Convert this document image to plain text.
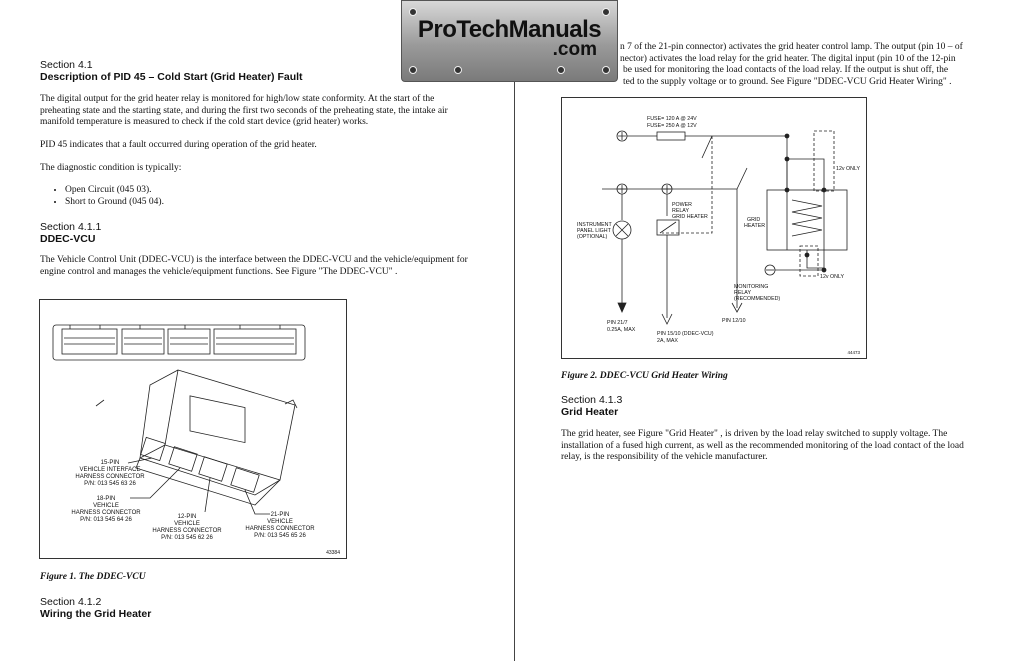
Section 4.1
Description of PID 45 – Cold Start (Grid Heater) Fault

The digital output for the grid heater relay is monitored for high/low state conformity. At the start of the preheating state and the starting state, and during the first two seconds of the preheating state, the intake air manifold temperature is measured to check if the cold start device (grid heater) works.

PID 45 indicates that a fault occurred during operation of the grid heater.

The diagnostic condition is typically:

• Open Circuit (045 03).
• Short to Ground (045 04).
Section 4.1.1
DDEC-VCU

The Vehicle Control Unit (DDEC-VCU) is the interface between the DDEC-VCU and the vehicle/equipment for engine control and manages the vehicle/equipment functions. See Figure "The DDEC-VCU" .

15-PIN
VEHICLE INTERFACE
HARNESS CONNECTOR
P/N: 013 545 63 26
18-PIN
VEHICLE
HARNESS CONNECTOR
P/N: 013 545 64 26	12-PIN
VEHICLE
HARNESS CONNECTOR
P/N: 013 545 62 26
21-PIN
VEHICLE
HARNESS CONNECTOR
P/N: 013 545 65 26
43384
Figure 1. The DDEC-VCU
Section 4.1.2
Wiring the Grid Heater

n 7 of the 21-pin connector) activates the grid heater control lamp. The output (pin 10 – of

nector) activates the load relay for the grid heater. The digital input (pin 10 of the 12-pin

be used for monitoring the load contacts of the load relay. If the output is shut off, the

ted to the supply voltage or to ground. See Figure "DDEC-VCU Grid Heater Wiring" .

FUSE= 120 A @ 24V
FUSE= 250 A @ 12V
12v ONLY
12v ONLY
POWER
RELAY
GRID HEATER
INSTRUMENT
PANEL LIGHT
(OPTIONAL)
GRID
HEATER
MONITORING
RELAY
(RECOMMENDED)
PIN 21/7
0.25A, MAX
PIN 15/10 (DDEC-VCU)
2A, MAX
PIN 12/10
44473
Figure 2. DDEC-VCU Grid Heater Wiring
Section 4.1.3
Grid Heater

The grid heater, see Figure "Grid Heater" , is driven by the load relay switched to supply voltage. The installation of a fused high current, as well as the recommended monitoring of the load contact of the load relay, is the responsibility of the vehicle manufacturer.

ProTechManuals
.com
